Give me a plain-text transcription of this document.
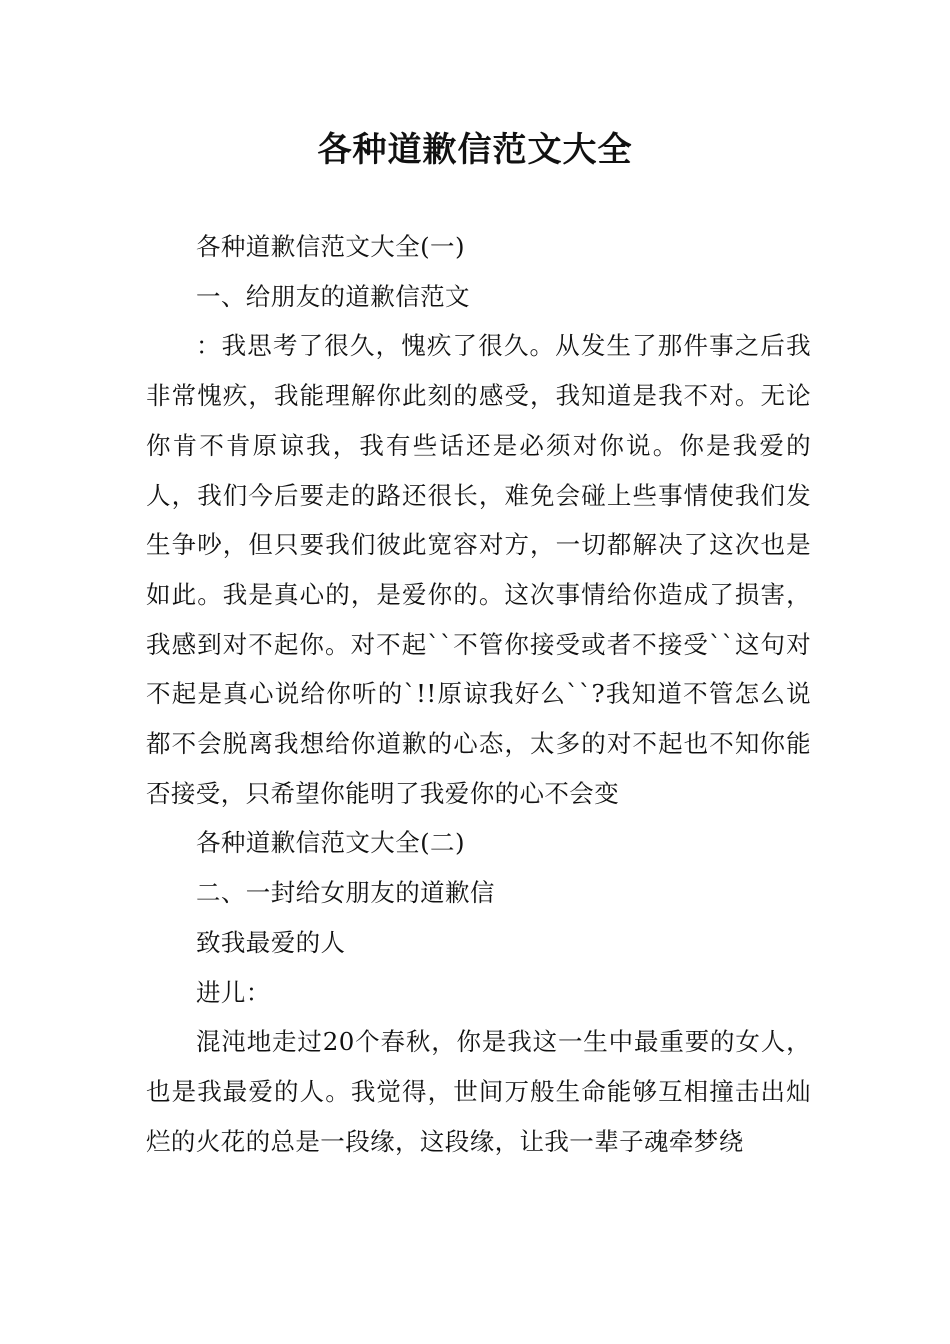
各种道歉信范文大全

各种道歉信范文大全(一)

一、给朋友的道歉信范文

：我思考了很久，愧疚了很久。从发生了那件事之后我非常愧疚，我能理解你此刻的感受，我知道是我不对。无论你肯不肯原谅我，我有些话还是必须对你说。你是我爱的人，我们今后要走的路还很长，难免会碰上些事情使我们发生争吵，但只要我们彼此宽容对方，一切都解决了这次也是如此。我是真心的，是爱你的。这次事情给你造成了损害，我感到对不起你。对不起``不管你接受或者不接受``这句对不起是真心说给你听的`!!原谅我好么``?我知道不管怎么说都不会脱离我想给你道歉的心态，太多的对不起也不知你能否接受，只希望你能明了我爱你的心不会变

各种道歉信范文大全(二)

二、一封给女朋友的道歉信

致我最爱的人

进儿：

混沌地走过20个春秋，你是我这一生中最重要的女人，也是我最爱的人。我觉得，世间万般生命能够互相撞击出灿烂的火花的总是一段缘，这段缘，让我一辈子魂牵梦绕
